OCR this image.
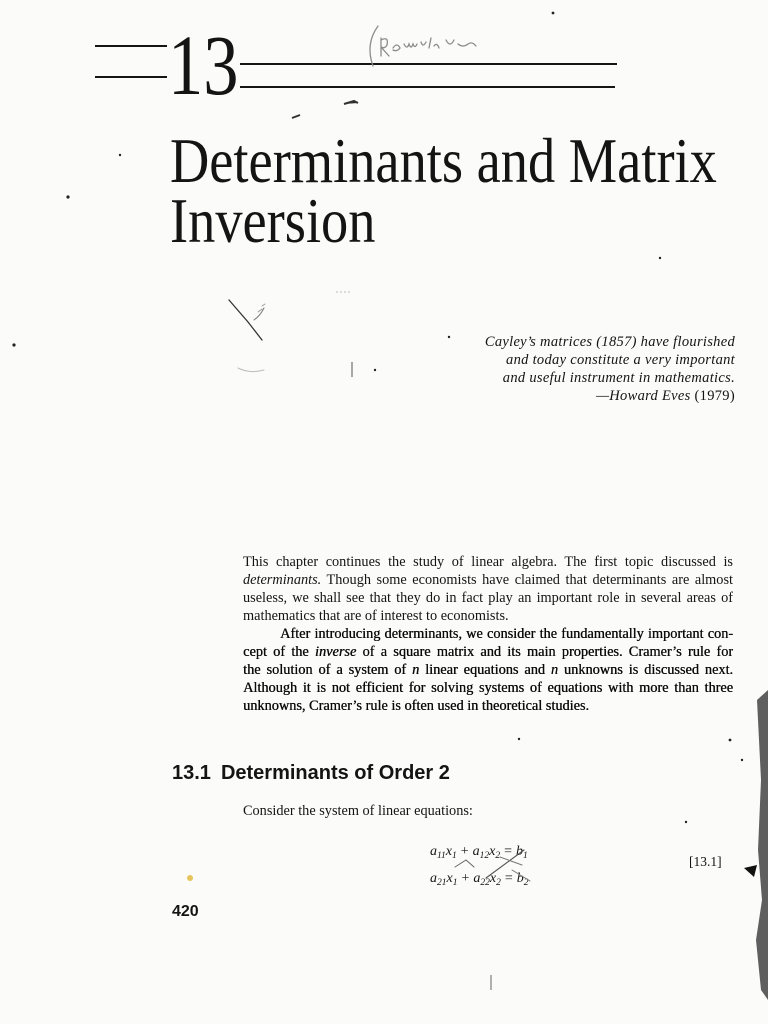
13
Determinants and Matrix
Inversion
Cayley’s matrices (1857) have flourished
and today constitute a very important
and useful instrument in mathematics.
—Howard Eves (1979)
This chapter continues the study of linear algebra. The first topic discussed is
determinants. Though some economists have claimed that determinants are almost
useless, we shall see that they do in fact play an important role in several areas of
mathematics that are of interest to economists.
After introducing determinants, we consider the fundamentally important con-
cept of the inverse of a square matrix and its main properties. Cramer’s rule for
the solution of a system of n linear equations and n unknowns is discussed next.
Although it is not efficient for solving systems of equations with more than three
unknowns, Cramer’s rule is often used in theoretical studies.
13.1 Determinants of Order 2
Consider the system of linear equations:
$a_{11}x_1 + a_{12}x_2 = b_1$
$a_{21}x_1 + a_{22}x_2 = b_2$
[13.1]
420
